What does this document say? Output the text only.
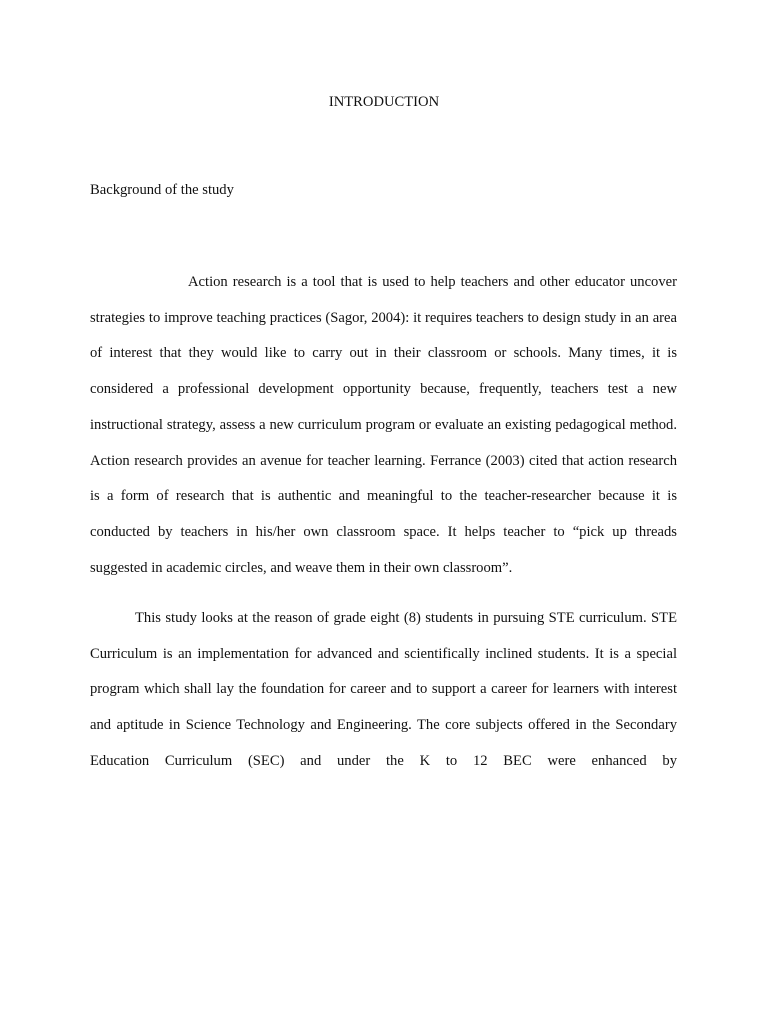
INTRODUCTION
Background of the study

Action research is a tool that is used to help teachers and other educator uncover strategies to improve teaching practices (Sagor, 2004): it requires teachers to design study in an area of interest that they would like to carry out in their classroom or schools. Many times, it is considered a professional development opportunity because, frequently, teachers test a new instructional strategy, assess a new curriculum program or evaluate an existing pedagogical method. Action research provides an avenue for teacher learning. Ferrance (2003) cited that action research is a form of research that is authentic and meaningful to the teacher-researcher because it is conducted by teachers in his/her own classroom space. It helps teacher to “pick up threads suggested in academic circles, and weave them in their own classroom”.

This study looks at the reason of grade eight (8) students in pursuing STE curriculum. STE Curriculum is an implementation for advanced and scientifically inclined students. It is a special program which shall lay the foundation for career and to support a career for learners with interest and aptitude in Science Technology and Engineering. The core subjects offered in the Secondary Education Curriculum (SEC) and under the K to 12 BEC were enhanced by
